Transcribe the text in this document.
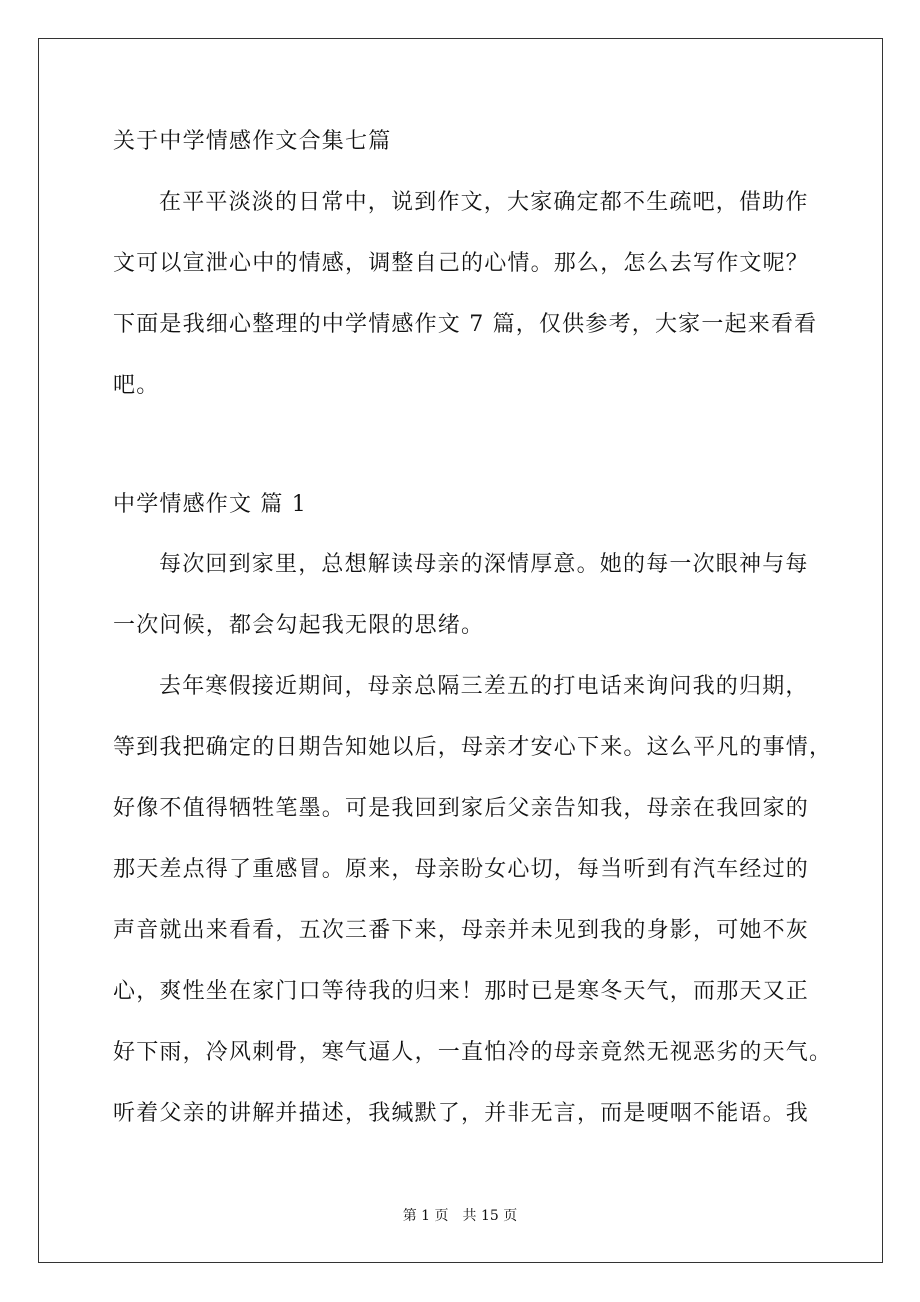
关于中学情感作文合集七篇
在平平淡淡的日常中，说到作文，大家确定都不生疏吧，借助作
文可以宣泄心中的情感，调整自己的心情。那么，怎么去写作文呢？
下面是我细心整理的中学情感作文 7 篇，仅供参考，大家一起来看看
吧。
中学情感作文 篇 1
每次回到家里，总想解读母亲的深情厚意。她的每一次眼神与每
一次问候，都会勾起我无限的思绪。
去年寒假接近期间，母亲总隔三差五的打电话来询问我的归期，
等到我把确定的日期告知她以后，母亲才安心下来。这么平凡的事情，
好像不值得牺牲笔墨。可是我回到家后父亲告知我，母亲在我回家的
那天差点得了重感冒。原来，母亲盼女心切，每当听到有汽车经过的
声音就出来看看，五次三番下来，母亲并未见到我的身影，可她不灰
心，爽性坐在家门口等待我的归来！那时已是寒冬天气，而那天又正
好下雨，冷风刺骨，寒气逼人，一直怕冷的母亲竟然无视恶劣的天气。
听着父亲的讲解并描述，我缄默了，并非无言，而是哽咽不能语。我
第 1 页　共 15 页
